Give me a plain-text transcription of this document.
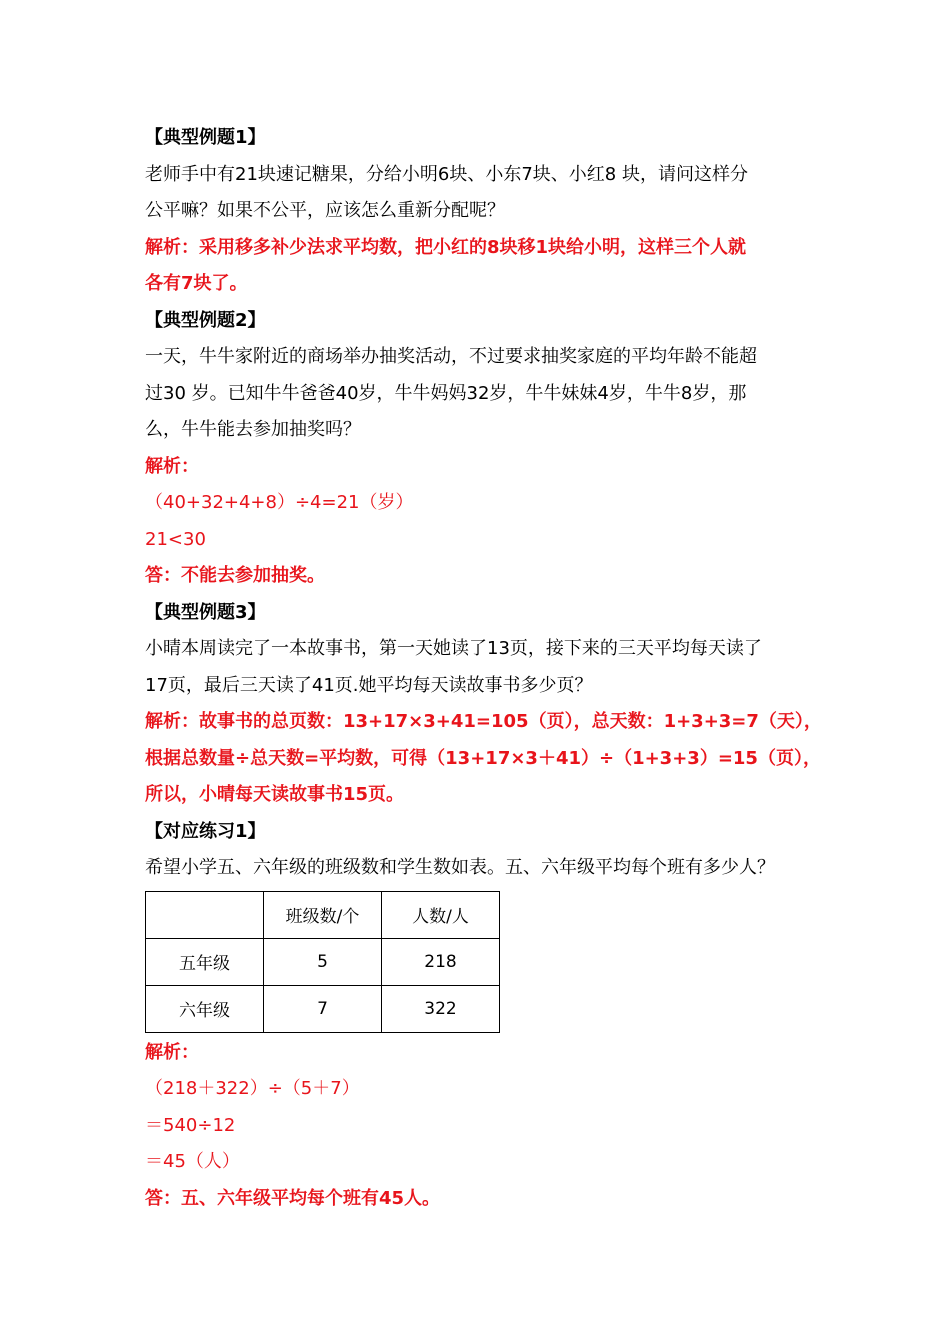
【典型例题1】
老师手中有21块速记糖果，分给小明6块、小东7块、小红8 块，请问这样分
公平嘛？如果不公平，应该怎么重新分配呢？
解析：采用移多补少法求平均数，把小红的8块移1块给小明，这样三个人就
各有7块了。
【典型例题2】
一天，牛牛家附近的商场举办抽奖活动，不过要求抽奖家庭的平均年龄不能超
过30 岁。已知牛牛爸爸40岁，牛牛妈妈32岁，牛牛妹妹4岁，牛牛8岁，那
么，牛牛能去参加抽奖吗？
解析：
（40+32+4+8）÷4=21（岁）
21<30
答：不能去参加抽奖。
【典型例题3】
小晴本周读完了一本故事书，第一天她读了13页，接下来的三天平均每天读了
17页，最后三天读了41页.她平均每天读故事书多少页？
解析：故事书的总页数：13+17×3+41=105（页），总天数：1+3+3=7（天），
根据总数量÷总天数=平均数，可得（13+17×3＋41）÷（1+3+3）=15（页），
所以，小晴每天读故事书15页。
【对应练习1】
希望小学五、六年级的班级数和学生数如表。五、六年级平均每个班有多少人？
	班级数/个	人数/人
五年级	5	218
六年级	7	322
解析：
（218＋322）÷（5＋7）
＝540÷12
＝45（人）
答：五、六年级平均每个班有45人。
